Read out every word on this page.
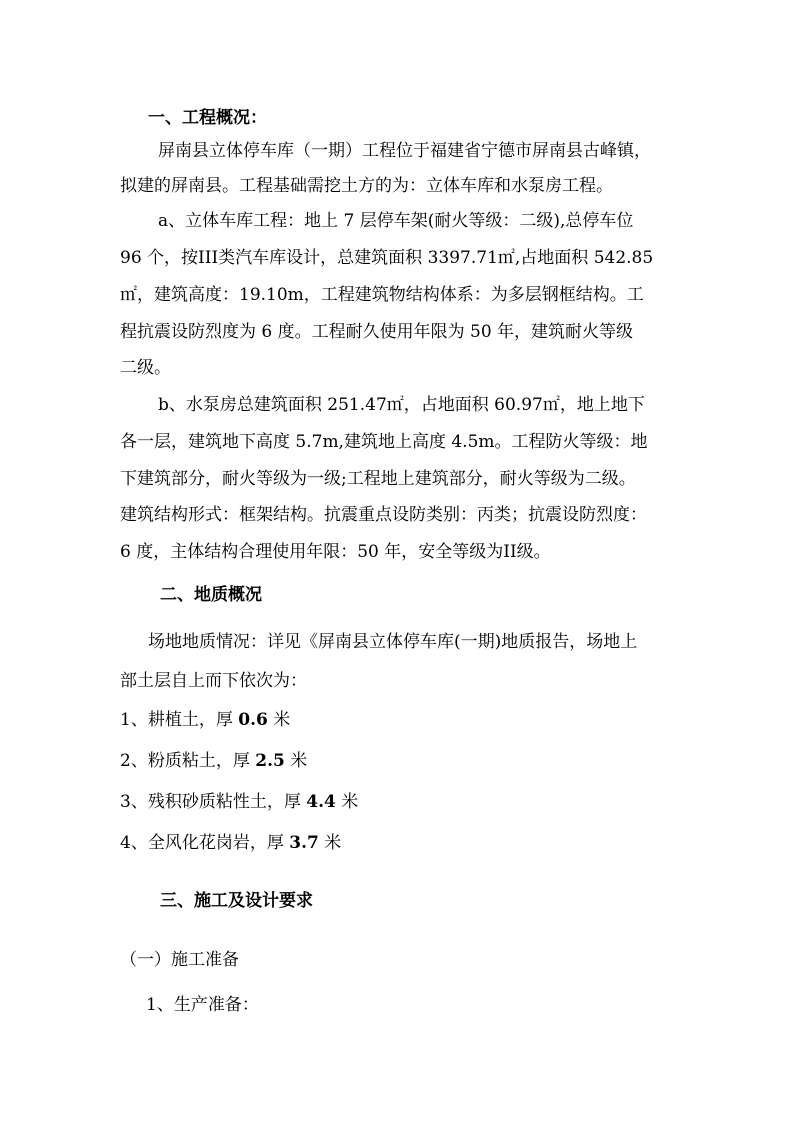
一、工程概况：
屏南县立体停车库（一期）工程位于福建省宁德市屏南县古峰镇，
拟建的屏南县。工程基础需挖土方的为：立体车库和水泵房工程。
a、立体车库工程：地上 7 层停车架(耐火等级：二级),总停车位
96 个，按III类汽车库设计，总建筑面积 3397.71㎡,占地面积 542.85
㎡，建筑高度：19.10m，工程建筑物结构体系：为多层钢框结构。工
程抗震设防烈度为 6 度。工程耐久使用年限为 50 年，建筑耐火等级
二级。
b、水泵房总建筑面积 251.47㎡，占地面积 60.97㎡，地上地下
各一层，建筑地下高度 5.7m,建筑地上高度 4.5m。工程防火等级：地
下建筑部分，耐火等级为一级;工程地上建筑部分，耐火等级为二级。
建筑结构形式：框架结构。抗震重点设防类别：丙类；抗震设防烈度：
6 度，主体结构合理使用年限：50 年，安全等级为II级。
二、地质概况
场地地质情况：详见《屏南县立体停车库(一期)地质报告，场地上
部土层自上而下依次为：
1、耕植土，厚 0.6 米
2、粉质粘土，厚 2.5 米
3、残积砂质粘性土，厚 4.4 米
4、全风化花岗岩，厚 3.7 米
三、施工及设计要求
（一）施工准备
1、生产准备：
